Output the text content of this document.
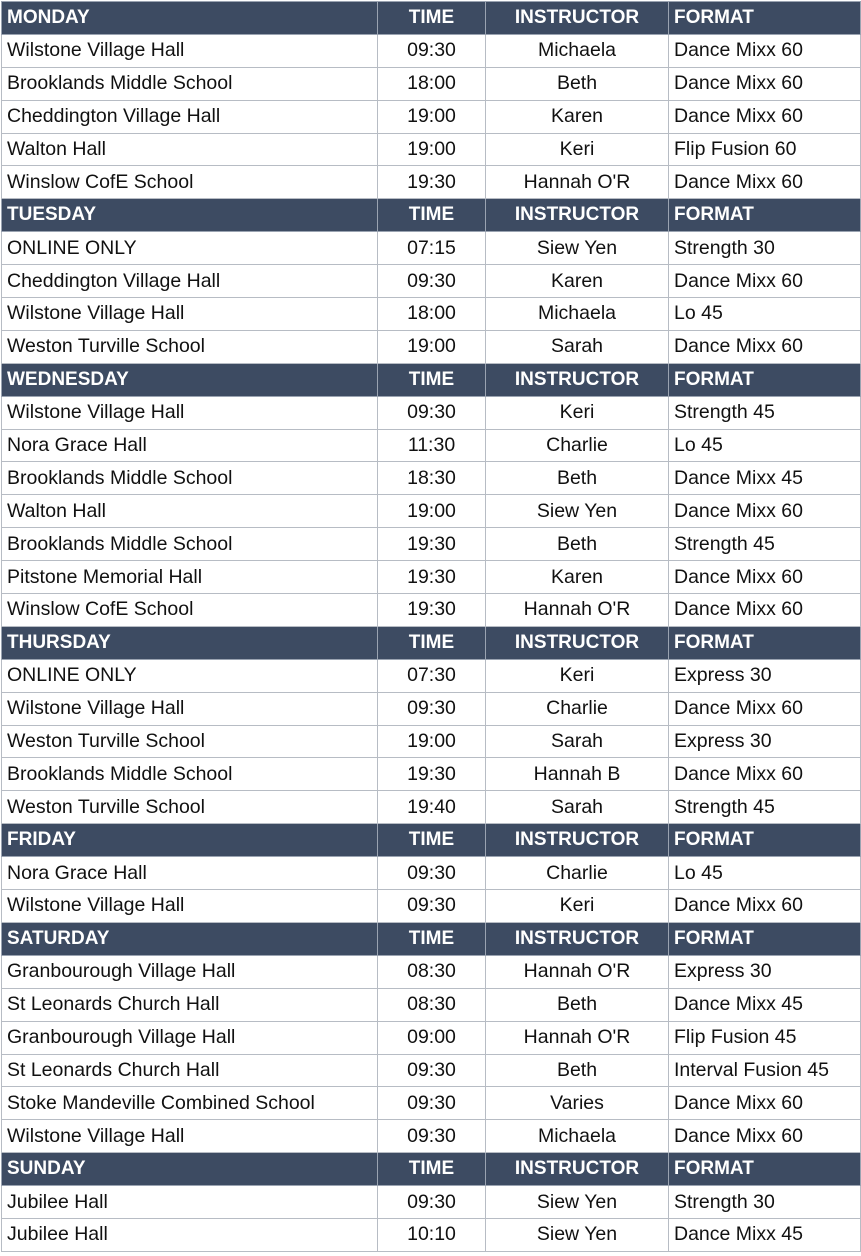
MONDAY	TIME	INSTRUCTOR	FORMAT
Wilstone Village Hall	09:30	Michaela	Dance Mixx 60
Brooklands Middle School	18:00	Beth	Dance Mixx 60
Cheddington Village Hall	19:00	Karen	Dance Mixx 60
Walton Hall	19:00	Keri	Flip Fusion 60
Winslow CofE School	19:30	Hannah O'R	Dance Mixx 60
TUESDAY	TIME	INSTRUCTOR	FORMAT
ONLINE ONLY	07:15	Siew Yen	Strength 30
Cheddington Village Hall	09:30	Karen	Dance Mixx 60
Wilstone Village Hall	18:00	Michaela	Lo 45
Weston Turville School	19:00	Sarah	Dance Mixx 60
WEDNESDAY	TIME	INSTRUCTOR	FORMAT
Wilstone Village Hall	09:30	Keri	Strength 45
Nora Grace Hall	11:30	Charlie	Lo 45
Brooklands Middle School	18:30	Beth	Dance Mixx 45
Walton Hall	19:00	Siew Yen	Dance Mixx 60
Brooklands Middle School	19:30	Beth	Strength 45
Pitstone Memorial Hall	19:30	Karen	Dance Mixx 60
Winslow CofE School	19:30	Hannah O'R	Dance Mixx 60
THURSDAY	TIME	INSTRUCTOR	FORMAT
ONLINE ONLY	07:30	Keri	Express 30
Wilstone Village Hall	09:30	Charlie	Dance Mixx 60
Weston Turville School	19:00	Sarah	Express 30
Brooklands Middle School	19:30	Hannah B	Dance Mixx 60
Weston Turville School	19:40	Sarah	Strength 45
FRIDAY	TIME	INSTRUCTOR	FORMAT
Nora Grace Hall	09:30	Charlie	Lo 45
Wilstone Village Hall	09:30	Keri	Dance Mixx 60
SATURDAY	TIME	INSTRUCTOR	FORMAT
Granbourough Village Hall	08:30	Hannah O'R	Express 30
St Leonards Church Hall	08:30	Beth	Dance Mixx 45
Granbourough Village Hall	09:00	Hannah O'R	Flip Fusion 45
St Leonards Church Hall	09:30	Beth	Interval Fusion 45
Stoke Mandeville Combined School	09:30	Varies	Dance Mixx 60
Wilstone Village Hall	09:30	Michaela	Dance Mixx 60
SUNDAY	TIME	INSTRUCTOR	FORMAT
Jubilee Hall	09:30	Siew Yen	Strength 30
Jubilee Hall	10:10	Siew Yen	Dance Mixx 45
